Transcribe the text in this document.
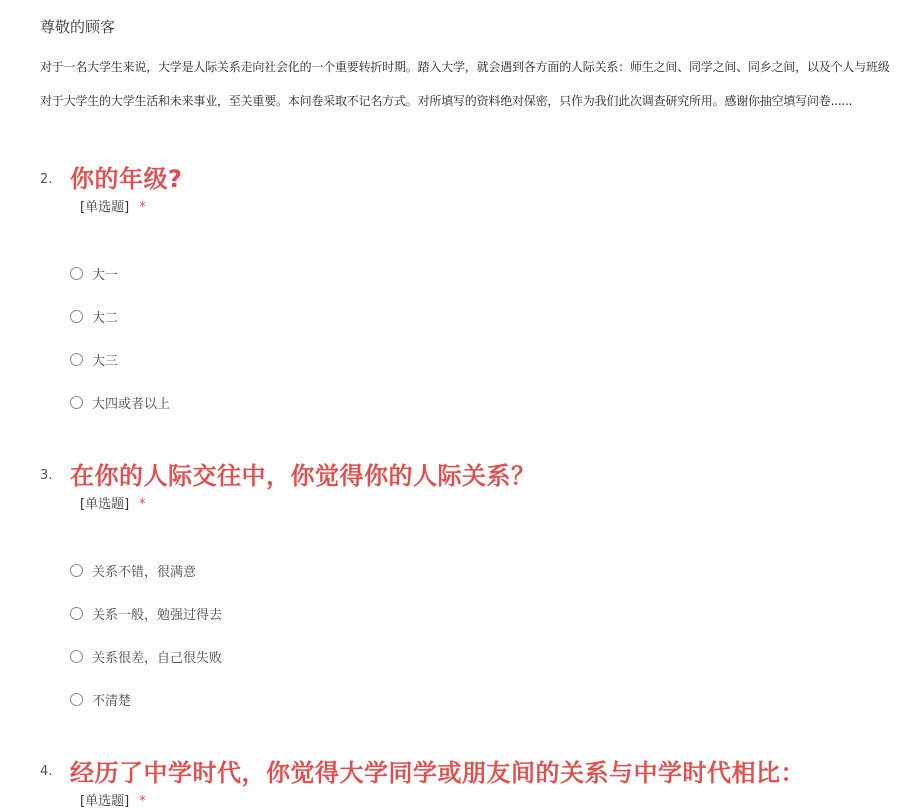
尊敬的顾客
对于一名大学生来说，大学是人际关系走向社会化的一个重要转折时期。踏入大学，就会遇到各方面的人际关系：师生之间、同学之间、同乡之间，以及个人与班级
对于大学生的大学生活和未来事业，至关重要。本问卷采取不记名方式。对所填写的资料绝对保密，只作为我们此次调查研究所用。感谢你抽空填写问卷......
2. 你的年级?
[单选题] *
大一
大二
大三
大四或者以上
3. 在你的人际交往中，你觉得你的人际关系？
[单选题] *
关系不错，很满意
关系一般，勉强过得去
关系很差，自己很失败
不清楚
4. 经历了中学时代，你觉得大学同学或朋友间的关系与中学时代相比：
[单选题] *
